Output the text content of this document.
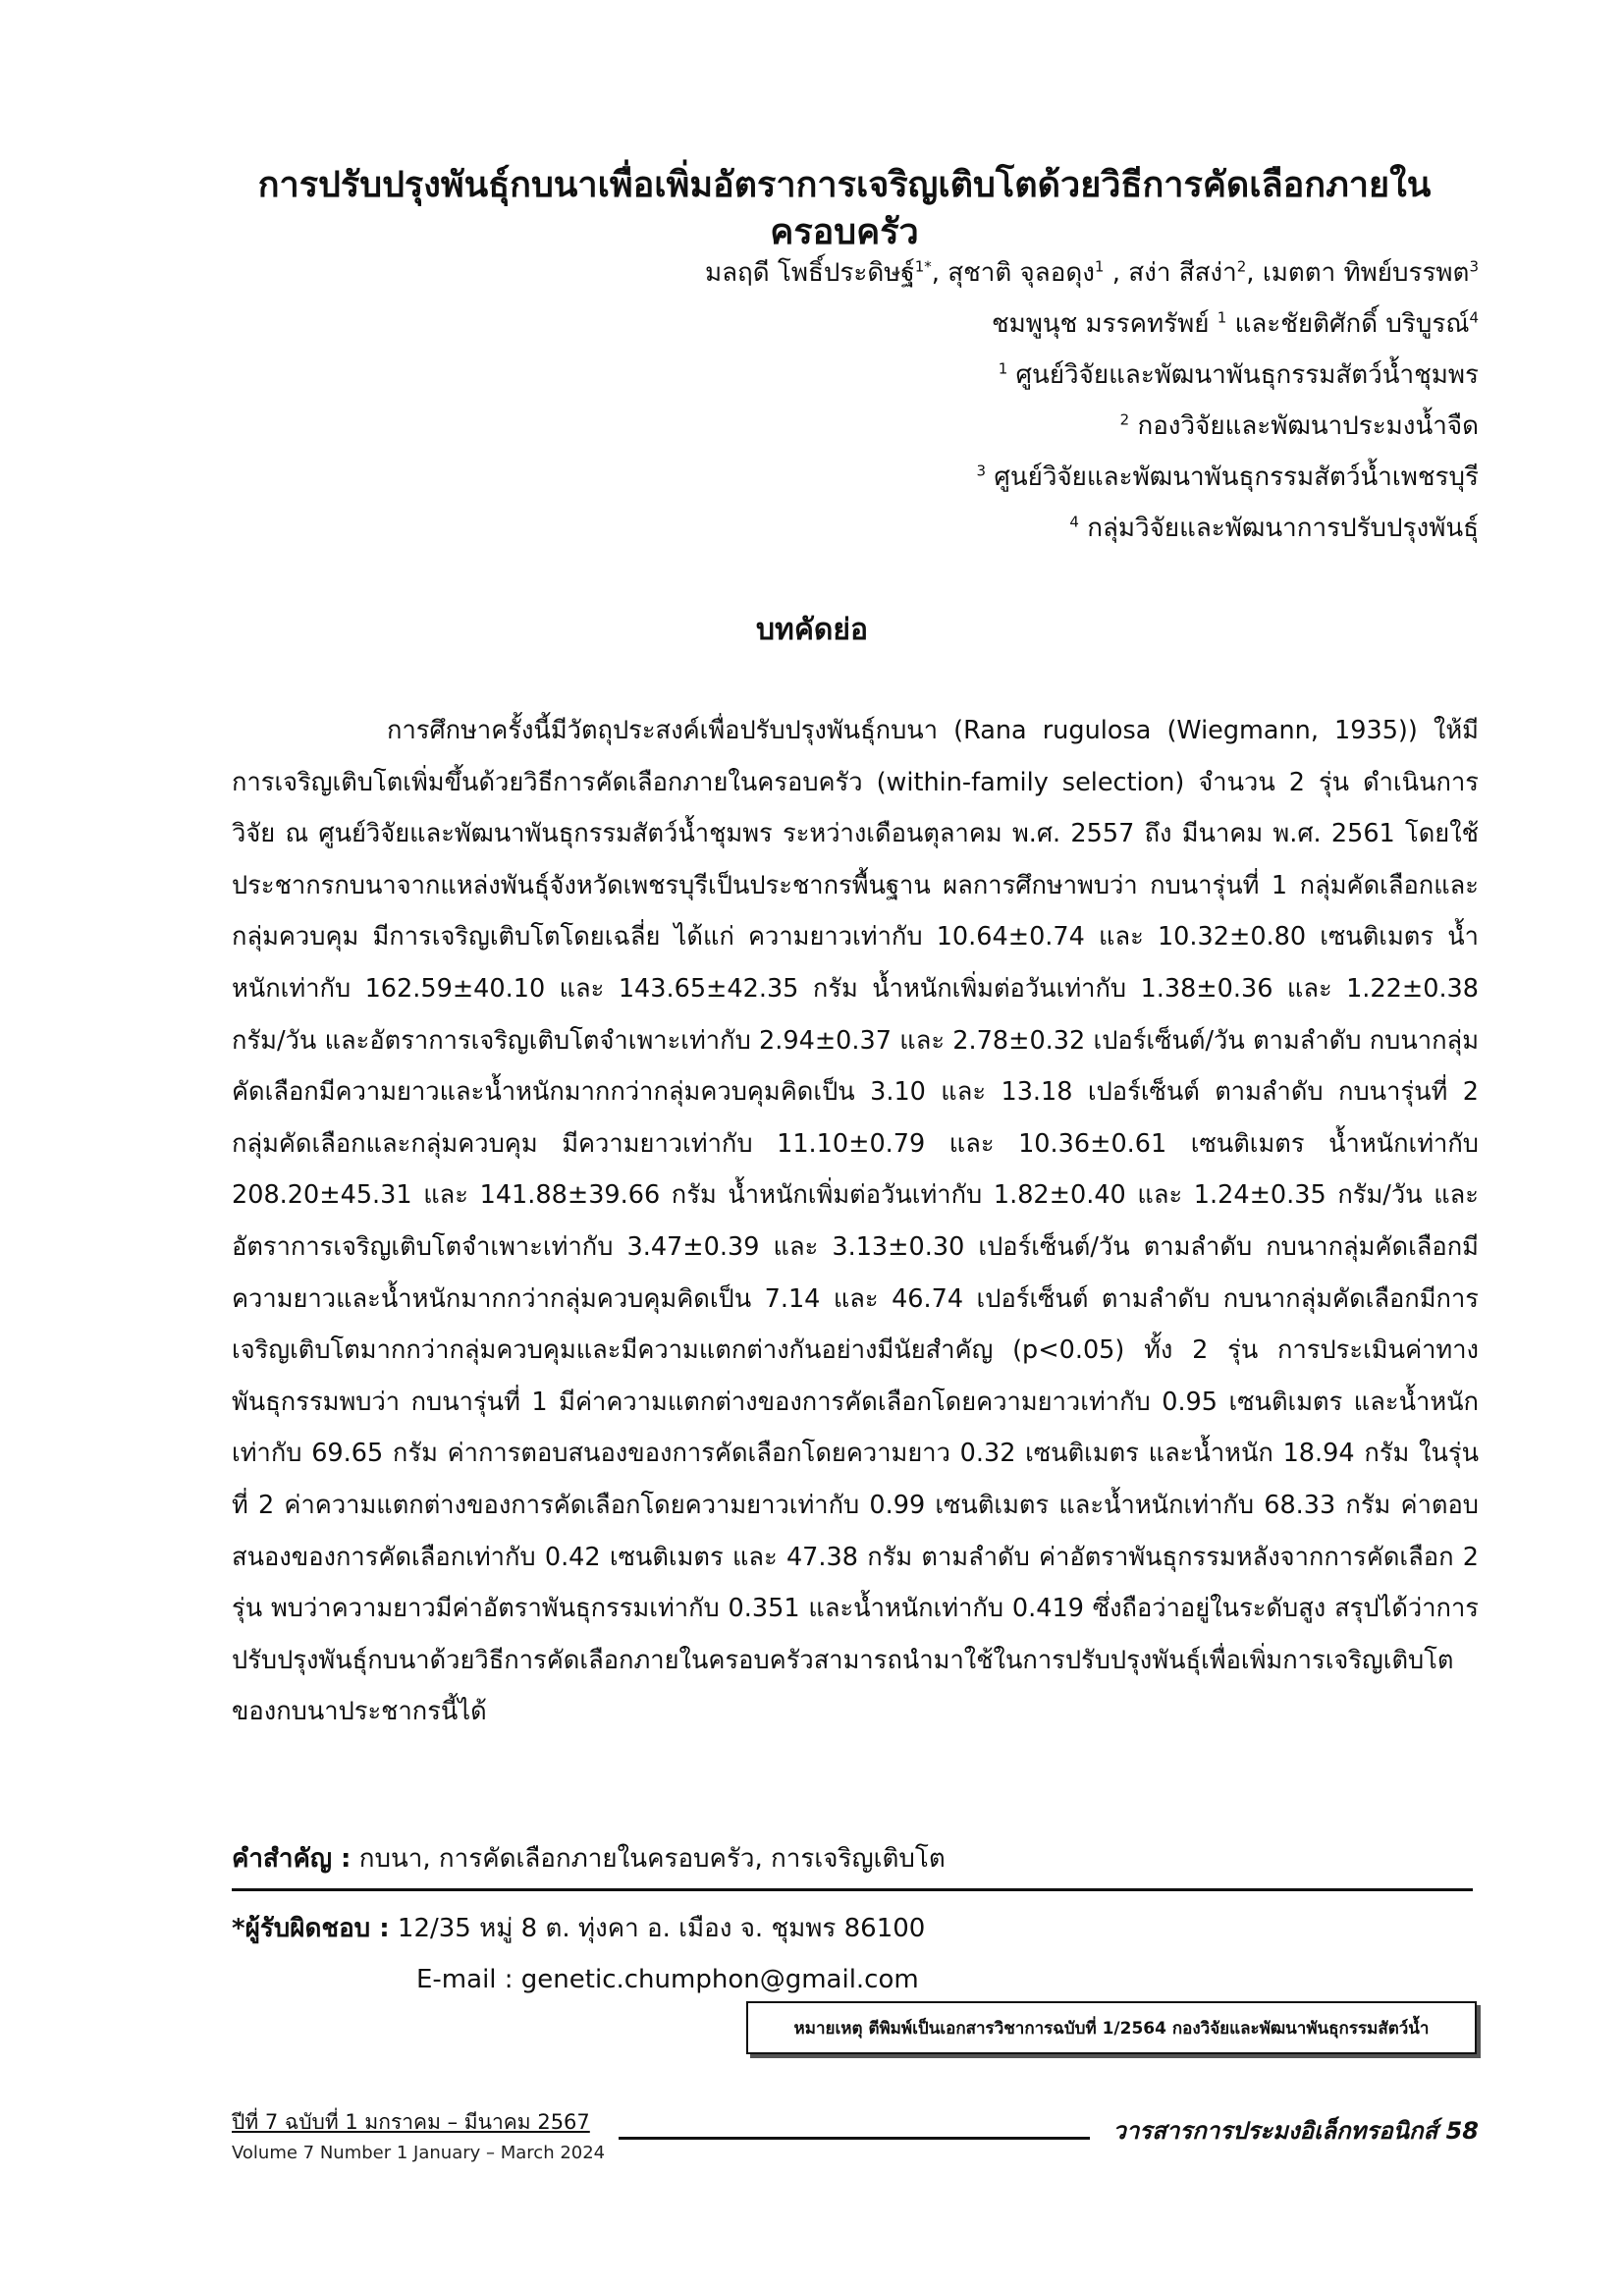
การปรับปรุงพันธุ์กบนาเพื่อเพิ่มอัตราการเจริญเติบโตด้วยวิธีการคัดเลือกภายในครอบครัว
มลฤดี โพธิ์ประดิษฐ์$^{1*}$, สุชาติ จุลอดุง$^1$ , สง่า สีสง่า$^2$, เมตตา ทิพย์บรรพต$^3$
ชมพูนุช มรรคทรัพย์ $^1$ และชัยติศักดิ์ บริบูรณ์$^4$
$^1$ ศูนย์วิจัยและพัฒนาพันธุกรรมสัตว์น้ำชุมพร
$^2$ กองวิจัยและพัฒนาประมงน้ำจืด
$^3$ ศูนย์วิจัยและพัฒนาพันธุกรรมสัตว์น้ำเพชรบุรี
$^4$ กลุ่มวิจัยและพัฒนาการปรับปรุงพันธุ์
บทคัดย่อ

การศึกษาครั้งนี้มีวัตถุประสงค์เพื่อปรับปรุงพันธุ์กบนา (Rana rugulosa (Wiegmann, 1935)) ให้มีการเจริญเติบโตเพิ่มขึ้นด้วยวิธีการคัดเลือกภายในครอบครัว (within-family selection) จำนวน 2 รุ่น ดำเนินการวิจัย ณ ศูนย์วิจัยและพัฒนาพันธุกรรมสัตว์น้ำชุมพร ระหว่างเดือนตุลาคม พ.ศ. 2557 ถึง มีนาคม พ.ศ. 2561 โดยใช้ประชากรกบนาจากแหล่งพันธุ์จังหวัดเพชรบุรีเป็นประชากรพื้นฐาน ผลการศึกษาพบว่า กบนารุ่นที่ 1 กลุ่มคัดเลือกและกลุ่มควบคุม มีการเจริญเติบโตโดยเฉลี่ย ได้แก่ ความยาวเท่ากับ 10.64±0.74 และ 10.32±0.80 เซนติเมตร น้ำหนักเท่ากับ 162.59±40.10 และ 143.65±42.35 กรัม น้ำหนักเพิ่มต่อวันเท่ากับ 1.38±0.36 และ 1.22±0.38 กรัม/วัน และอัตราการเจริญเติบโตจำเพาะเท่ากับ 2.94±0.37 และ 2.78±0.32 เปอร์เซ็นต์/วัน ตามลำดับ กบนากลุ่มคัดเลือกมีความยาวและน้ำหนักมากกว่ากลุ่มควบคุมคิดเป็น 3.10 และ 13.18 เปอร์เซ็นต์ ตามลำดับ กบนารุ่นที่ 2 กลุ่มคัดเลือกและกลุ่มควบคุม มีความยาวเท่ากับ 11.10±0.79 และ 10.36±0.61 เซนติเมตร น้ำหนักเท่ากับ 208.20±45.31 และ 141.88±39.66 กรัม น้ำหนักเพิ่มต่อวันเท่ากับ 1.82±0.40 และ 1.24±0.35 กรัม/วัน และอัตราการเจริญเติบโตจำเพาะเท่ากับ 3.47±0.39 และ 3.13±0.30 เปอร์เซ็นต์/วัน ตามลำดับ กบนากลุ่มคัดเลือกมีความยาวและน้ำหนักมากกว่ากลุ่มควบคุมคิดเป็น 7.14 และ 46.74 เปอร์เซ็นต์ ตามลำดับ กบนากลุ่มคัดเลือกมีการเจริญเติบโตมากกว่ากลุ่มควบคุมและมีความแตกต่างกันอย่างมีนัยสำคัญ (p<0.05) ทั้ง 2 รุ่น การประเมินค่าทางพันธุกรรมพบว่า กบนารุ่นที่ 1 มีค่าความแตกต่างของการคัดเลือกโดยความยาวเท่ากับ 0.95 เซนติเมตร และน้ำหนักเท่ากับ 69.65 กรัม ค่าการตอบสนองของการคัดเลือกโดยความยาว 0.32 เซนติเมตร และน้ำหนัก 18.94 กรัม ในรุ่นที่ 2 ค่าความแตกต่างของการคัดเลือกโดยความยาวเท่ากับ 0.99 เซนติเมตร และน้ำหนักเท่ากับ 68.33 กรัม ค่าตอบสนองของการคัดเลือกเท่ากับ 0.42 เซนติเมตร และ 47.38 กรัม ตามลำดับ ค่าอัตราพันธุกรรมหลังจากการคัดเลือก 2 รุ่น พบว่าความยาวมีค่าอัตราพันธุกรรมเท่ากับ 0.351 และน้ำหนักเท่ากับ 0.419 ซึ่งถือว่าอยู่ในระดับสูง สรุปได้ว่าการปรับปรุงพันธุ์กบนาด้วยวิธีการคัดเลือกภายในครอบครัวสามารถนำมาใช้ในการปรับปรุงพันธุ์เพื่อเพิ่มการเจริญเติบโตของกบนาประชากรนี้ได้

คำสำคัญ : กบนา, การคัดเลือกภายในครอบครัว, การเจริญเติบโต
*ผู้รับผิดชอบ : 12/35 หมู่ 8 ต. ทุ่งคา อ. เมือง จ. ชุมพร 86100
E-mail : genetic.chumphon@gmail.com
หมายเหตุ ตีพิมพ์เป็นเอกสารวิชาการฉบับที่ 1/2564 กองวิจัยและพัฒนาพันธุกรรมสัตว์น้ำ
ปีที่ 7 ฉบับที่ 1 มกราคม – มีนาคม 2567
Volume 7 Number 1 January – March 2024
วารสารการประมงอิเล็กทรอนิกส์ 58
